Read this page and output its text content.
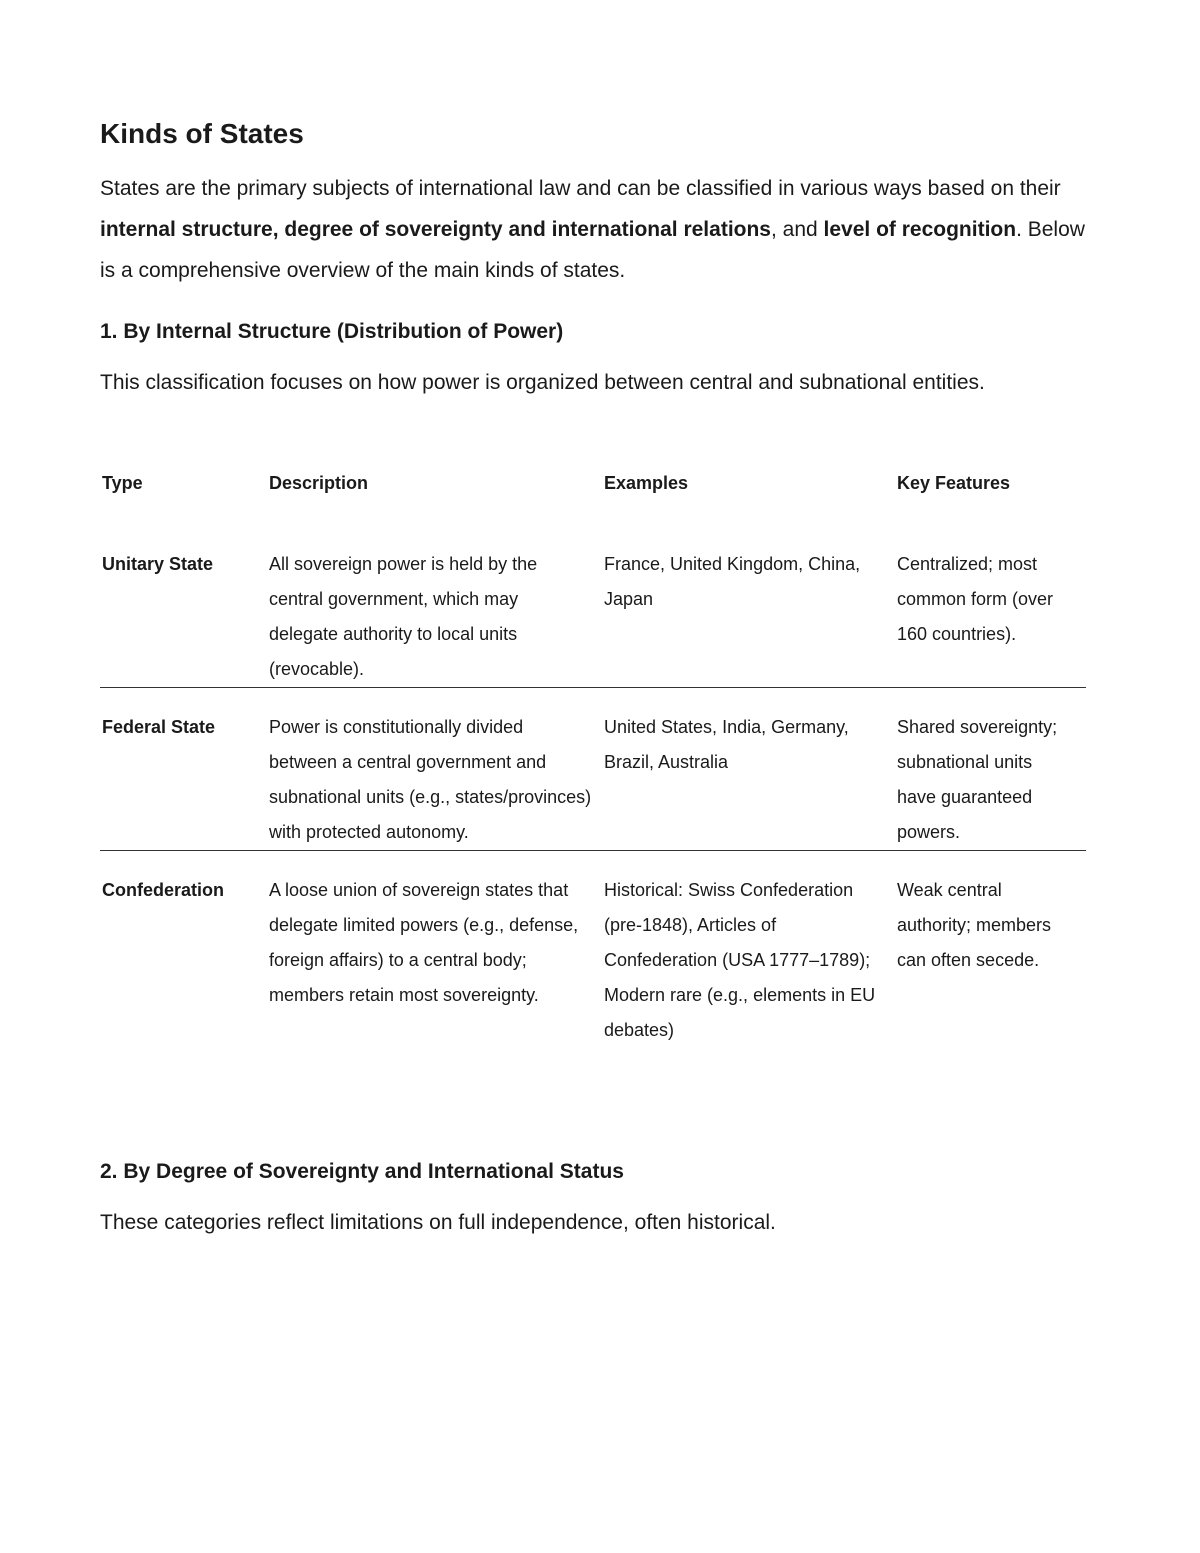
Kinds of States

States are the primary subjects of international law and can be classified in various ways based on their internal structure, degree of sovereignty and international relations, and level of recognition. Below is a comprehensive overview of the main kinds of states.

1. By Internal Structure (Distribution of Power)

This classification focuses on how power is organized between central and subnational entities.

Type	Description	Examples	Key Features
Unitary State	All sovereign power is held by the central government, which may delegate authority to local units (revocable).	France, United Kingdom, China, Japan	Centralized; most common form (over 160 countries).
Federal State	Power is constitutionally divided between a central government and subnational units (e.g., states/provinces) with protected autonomy.	United States, India, Germany, Brazil, Australia	Shared sovereignty; subnational units have guaranteed powers.
Confederation	A loose union of sovereign states that delegate limited powers (e.g., defense, foreign affairs) to a central body; members retain most sovereignty.	Historical: Swiss Confederation (pre-1848), Articles of Confederation (USA 1777–1789); Modern rare (e.g., elements in EU debates)	Weak central authority; members can often secede.
2. By Degree of Sovereignty and International Status

These categories reflect limitations on full independence, often historical.
